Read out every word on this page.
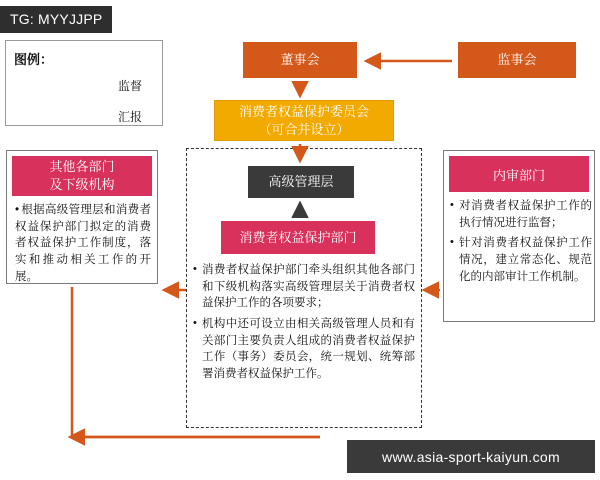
TG: MYYJJPP
图例：
监督
汇报
董事会	监事会
消费者权益保护委员会
（可合并设立）
高级管理层
消费者权益保护部门
其他各部门
及下级机构
• 根据高级管理层和消费者权益保护部门拟定的消费者权益保护工作制度，落实和推动相关工作的开展。
内审部门
• 对消费者权益保护工作的执行情况进行监督；
• 针对消费者权益保护工作情况，建立常态化、规范化的内部审计工作机制。
• 消费者权益保护部门牵头组织其他各部门和下级机构落实高级管理层关于消费者权益保护工作的各项要求；
• 机构中还可设立由相关高级管理人员和有关部门主要负责人组成的消费者权益保护工作（事务）委员会，统一规划、统筹部署消费者权益保护工作。
www.asia-sport-kaiyun.com
